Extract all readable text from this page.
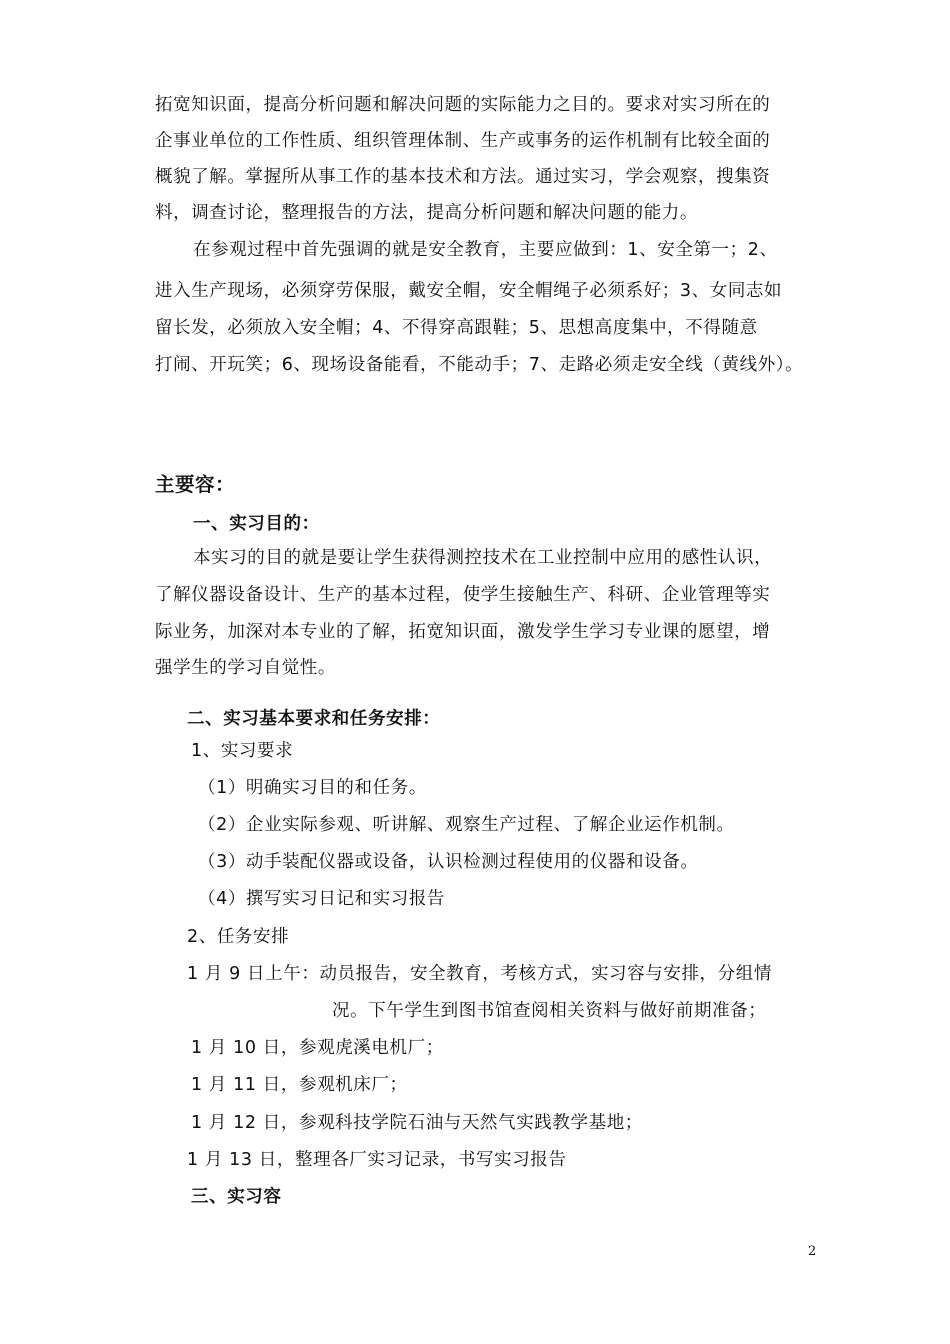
拓宽知识面，提高分析问题和解决问题的实际能力之目的。要求对实习所在的
企事业单位的工作性质、组织管理体制、生产或事务的运作机制有比较全面的
概貌了解。掌握所从事工作的基本技术和方法。通过实习，学会观察，搜集资
料，调查讨论，整理报告的方法，提高分析问题和解决问题的能力。
在参观过程中首先强调的就是安全教育，主要应做到：1、安全第一；2、
进入生产现场，必须穿劳保服，戴安全帽，安全帽绳子必须系好；3、女同志如
留长发，必须放入安全帽；4、不得穿高跟鞋；5、思想高度集中，不得随意
打闹、开玩笑；6、现场设备能看，不能动手；7、走路必须走安全线（黄线外）。
主要容：
一、实习目的：
本实习的目的就是要让学生获得测控技术在工业控制中应用的感性认识，
了解仪器设备设计、生产的基本过程，使学生接触生产、科研、企业管理等实
际业务，加深对本专业的了解，拓宽知识面，激发学生学习专业课的愿望，增
强学生的学习自觉性。
二、实习基本要求和任务安排：
1、实习要求
（1）明确实习目的和任务。
（2）企业实际参观、听讲解、观察生产过程、了解企业运作机制。
（3）动手装配仪器或设备，认识检测过程使用的仪器和设备。
（4）撰写实习日记和实习报告
2、任务安排
1 月 9 日上午：动员报告，安全教育，考核方式，实习容与安排，分组情
况。下午学生到图书馆查阅相关资料与做好前期准备；
1 月 10 日，参观虎溪电机厂；
1 月 11 日，参观机床厂；
1 月 12 日，参观科技学院石油与天然气实践教学基地；
1 月 13 日，整理各厂实习记录，书写实习报告
三、实习容
2
